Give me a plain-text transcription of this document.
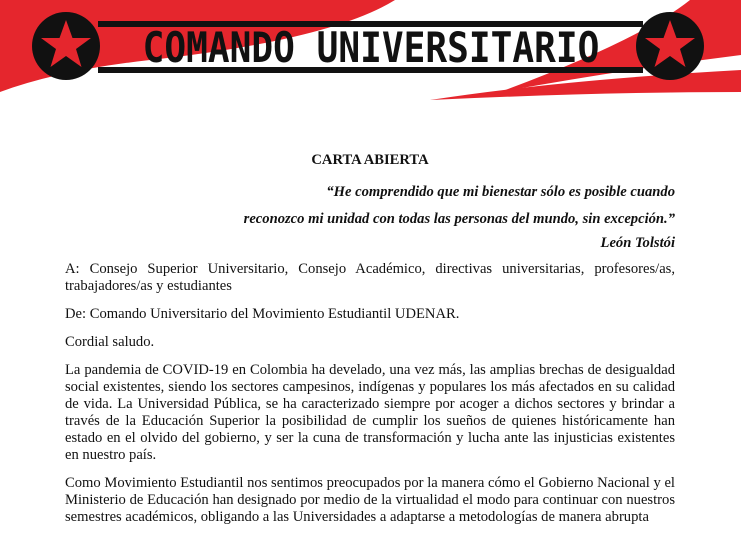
COMANDO UNIVERSITARIO
CARTA ABIERTA

“He comprendido que mi bienestar sólo es posible cuando

reconozco mi unidad con todas las personas del mundo, sin excepción.”

León Tolstói

A: Consejo Superior Universitario, Consejo Académico, directivas universitarias, profesores/as, trabajadores/as y estudiantes

De: Comando Universitario del Movimiento Estudiantil UDENAR.

Cordial saludo.

La pandemia de COVID-19 en Colombia ha develado, una vez más, las amplias brechas de desigualdad social existentes, siendo los sectores campesinos, indígenas y populares los más afectados en su calidad de vida. La Universidad Pública, se ha caracterizado siempre por acoger a dichos sectores y brindar a través de la Educación Superior la posibilidad de cumplir los sueños de quienes históricamente han estado en el olvido del gobierno, y ser la cuna de transformación y lucha ante las injusticias existentes en nuestro país.

Como Movimiento Estudiantil nos sentimos preocupados por la manera cómo el Gobierno Nacional y el Ministerio de Educación han designado por medio de la virtualidad el modo para continuar con nuestros semestres académicos, obligando a las Universidades a adaptarse a metodologías de manera abrupta
